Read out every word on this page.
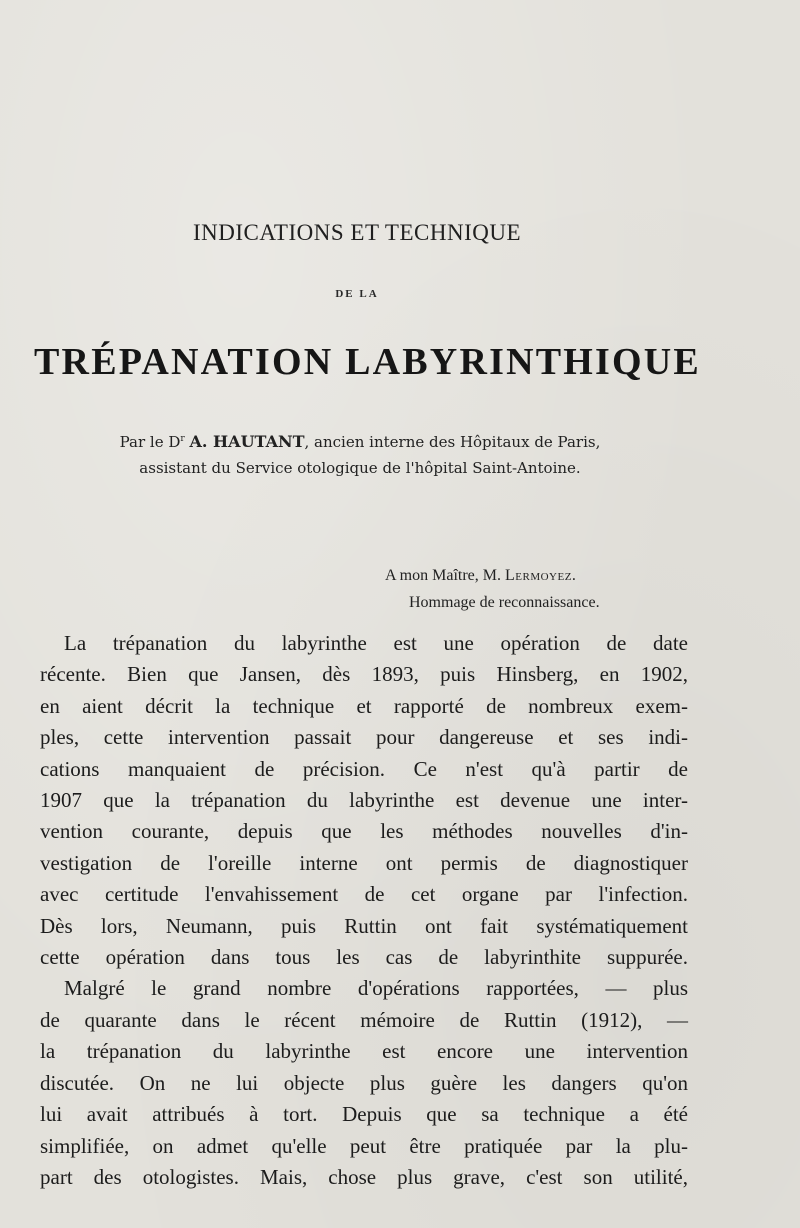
INDICATIONS ET TECHNIQUE
DE LA
TRÉPANATION LABYRINTHIQUE
Par le $D^r$ A. HAUTANT, ancien interne des Hôpitaux de Paris,
assistant du Service otologique de l'hôpital Saint-Antoine.
A mon Maître, M. Lermoyez.
Hommage de reconnaissance.
La trépanation du labyrinthe est une opération de date
récente. Bien que Jansen, dès 1893, puis Hinsberg, en 1902,
en aient décrit la technique et rapporté de nombreux exem-
ples, cette intervention passait pour dangereuse et ses indi-
cations manquaient de précision. Ce n'est qu'à partir de
1907 que la trépanation du labyrinthe est devenue une inter-
vention courante, depuis que les méthodes nouvelles d'in-
vestigation de l'oreille interne ont permis de diagnostiquer
avec certitude l'envahissement de cet organe par l'infection.
Dès lors, Neumann, puis Ruttin ont fait systématiquement
cette opération dans tous les cas de labyrinthite suppurée.
Malgré le grand nombre d'opérations rapportées, — plus
de quarante dans le récent mémoire de Ruttin (1912), —
la trépanation du labyrinthe est encore une intervention
discutée. On ne lui objecte plus guère les dangers qu'on
lui avait attribués à tort. Depuis que sa technique a été
simplifiée, on admet qu'elle peut être pratiquée par la plu-
part des otologistes. Mais, chose plus grave, c'est son utilité,
